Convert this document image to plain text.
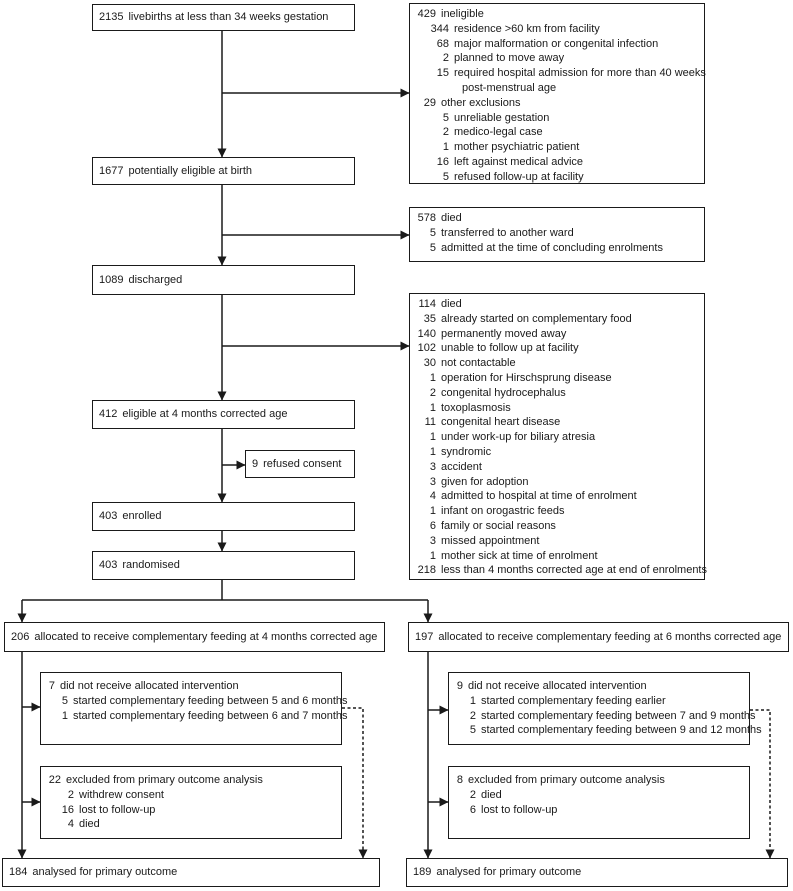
2135 livebirths at less than 34 weeks gestation	429 ineligible
344 residence >60 km from facility
68 major malformation or congenital infection
2 planned to move away
15 required hospital admission for more than 40 weeks
post-menstrual age
29 other exclusions
5 unreliable gestation
2 medico-legal case
1 mother psychiatric patient
16 left against medical advice
5 refused follow-up at facility
1677 potentially eligible at birth
578 died
5 transferred to another ward
5 admitted at the time of concluding enrolments
1089 discharged
114 died
35 already started on complementary food
140 permanently moved away
102 unable to follow up at facility
30 not contactable
1 operation for Hirschsprung disease
2 congenital hydrocephalus
1 toxoplasmosis
11 congenital heart disease
1 under work-up for biliary atresia
1 syndromic
3 accident
3 given for adoption
4 admitted to hospital at time of enrolment
1 infant on orogastric feeds
6 family or social reasons
3 missed appointment
1 mother sick at time of enrolment
218 less than 4 months corrected age at end of enrolments
412 eligible at 4 months corrected age
9 refused consent
403 enrolled
403 randomised
206 allocated to receive complementary feeding at 4 months corrected age	197 allocated to receive complementary feeding at 6 months corrected age
7 did not receive allocated intervention
5 started complementary feeding between 5 and 6 months
1 started complementary feeding between 6 and 7 months
9 did not receive allocated intervention
1 started complementary feeding earlier
2 started complementary feeding between 7 and 9 months
5 started complementary feeding between 9 and 12 months
22 excluded from primary outcome analysis
2 withdrew consent
16 lost to follow-up
4 died
8 excluded from primary outcome analysis
2 died
6 lost to follow-up
184 analysed for primary outcome	189 analysed for primary outcome
